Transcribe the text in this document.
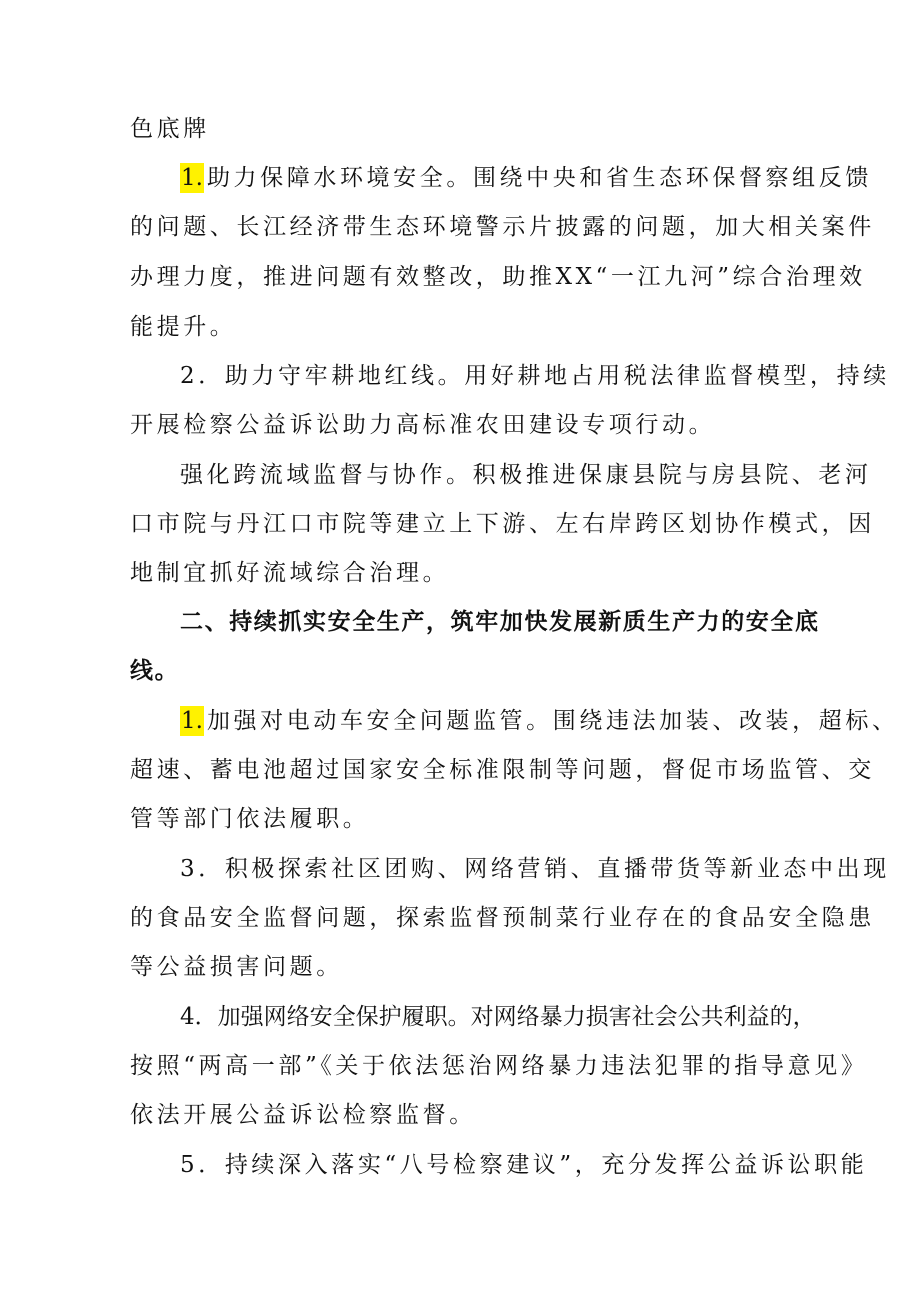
色底牌
1. 助力保障水环境安全。围绕中央和省生态环保督察组反馈
的问题、长江经济带生态环境警示片披露的问题，加大相关案件
办理力度，推进问题有效整改，助推XX“一江九河”综合治理效
能提升。
2．助力守牢耕地红线。用好耕地占用税法律监督模型，持续
开展检察公益诉讼助力高标准农田建设专项行动。
强化跨流域监督与协作。积极推进保康县院与房县院、老河
口市院与丹江口市院等建立上下游、左右岸跨区划协作模式，因
地制宜抓好流域综合治理。
二、持续抓实安全生产，筑牢加快发展新质生产力的安全底
线。
1. 加强对电动车安全问题监管。围绕违法加装、改装，超标、
超速、蓄电池超过国家安全标准限制等问题，督促市场监管、交
管等部门依法履职。
3．积极探索社区团购、网络营销、直播带货等新业态中出现
的食品安全监督问题，探索监督预制菜行业存在的食品安全隐患
等公益损害问题。
4．加强网络安全保护履职。对网络暴力损害社会公共利益的，
按照“两高一部”《关于依法惩治网络暴力违法犯罪的指导意见》
依法开展公益诉讼检察监督。
5．持续深入落实“八号检察建议”，充分发挥公益诉讼职能
